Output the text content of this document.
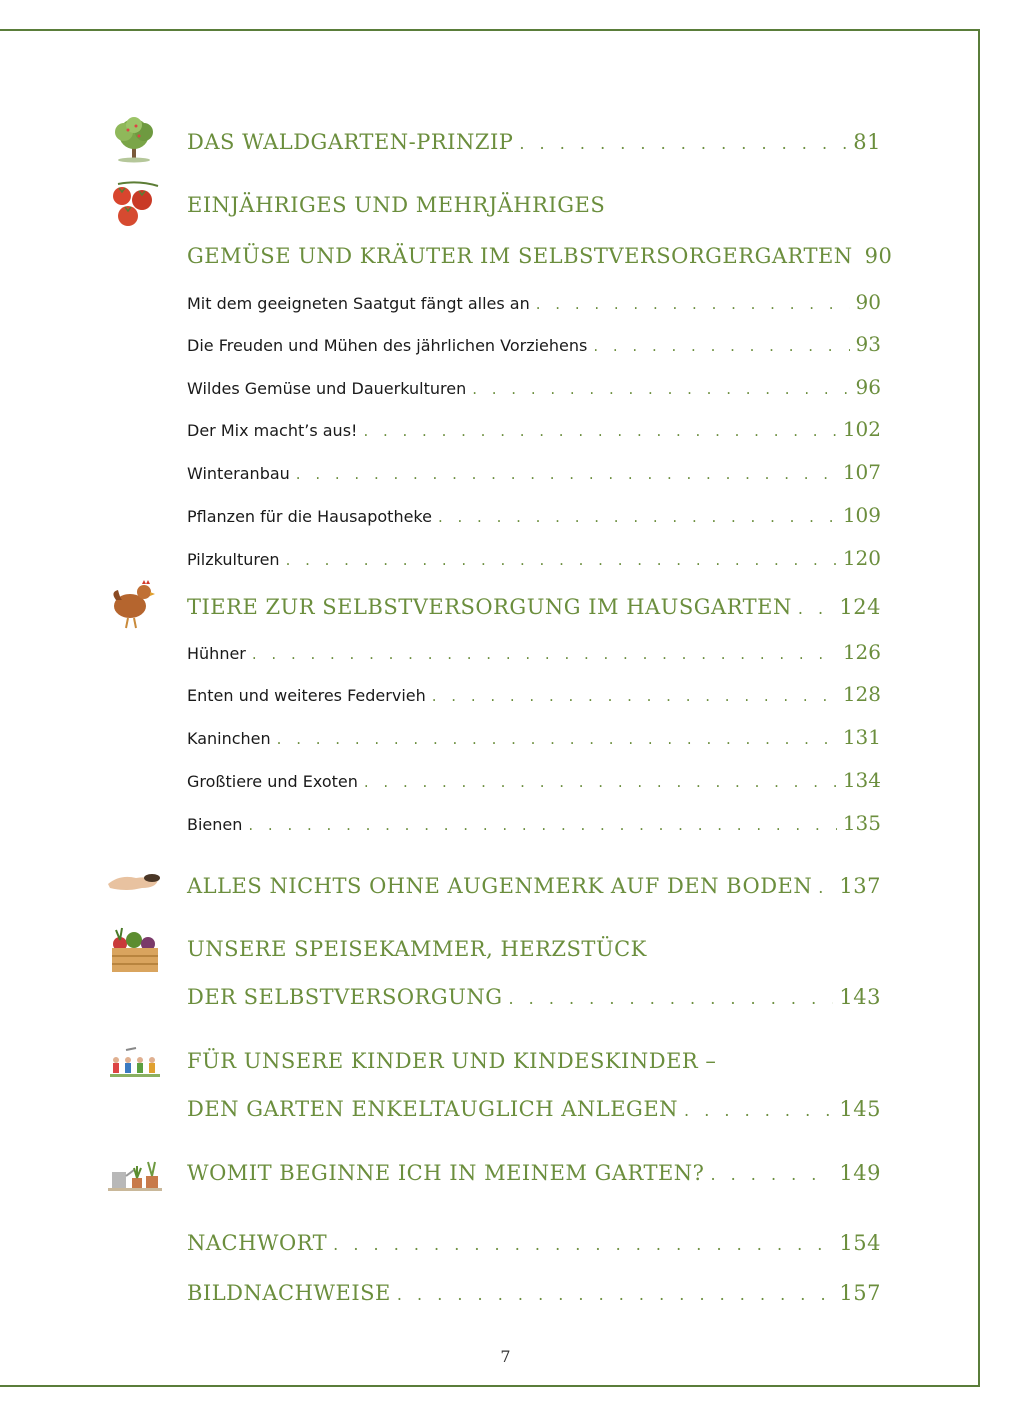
DAS WALDGARTEN-PRINZIP . . .	81
EINJÄHRIGES UND MEHRJÄHRIGES
GEMÜSE UND KRÄUTER IM SELBSTVERSORGERGARTEN 90
Mit dem geeigneten Saatgut fängt alles an . . .	90
Die Freuden und Mühen des jährlichen Vorziehens . . .	93
Wildes Gemüse und Dauerkulturen . . .	96
Der Mix macht’s aus! . . .	102
Winteranbau . . .	107
Pflanzen für die Hausapotheke . . .	109
Pilzkulturen . . .	120
TIERE ZUR SELBSTVERSORGUNG IM HAUSGARTEN . . . 124
Hühner . . .	126
Enten und weiteres Federvieh . . .	128
Kaninchen . . .	131
Großtiere und Exoten . . .	134
Bienen . . .	135
ALLES NICHTS OHNE AUGENMERK AUF DEN BODEN . . . 137
UNSERE SPEISEKAMMER, HERZSTÜCK
DER SELBSTVERSORGUNG . . .	143
FÜR UNSERE KINDER UND KINDESKINDER –
DEN GARTEN ENKELTAUGLICH ANLEGEN . . .	145
WOMIT BEGINNE ICH IN MEINEM GARTEN? . . .	149
NACHWORT . . .	154
BILDNACHWEISE . . .	157
7
